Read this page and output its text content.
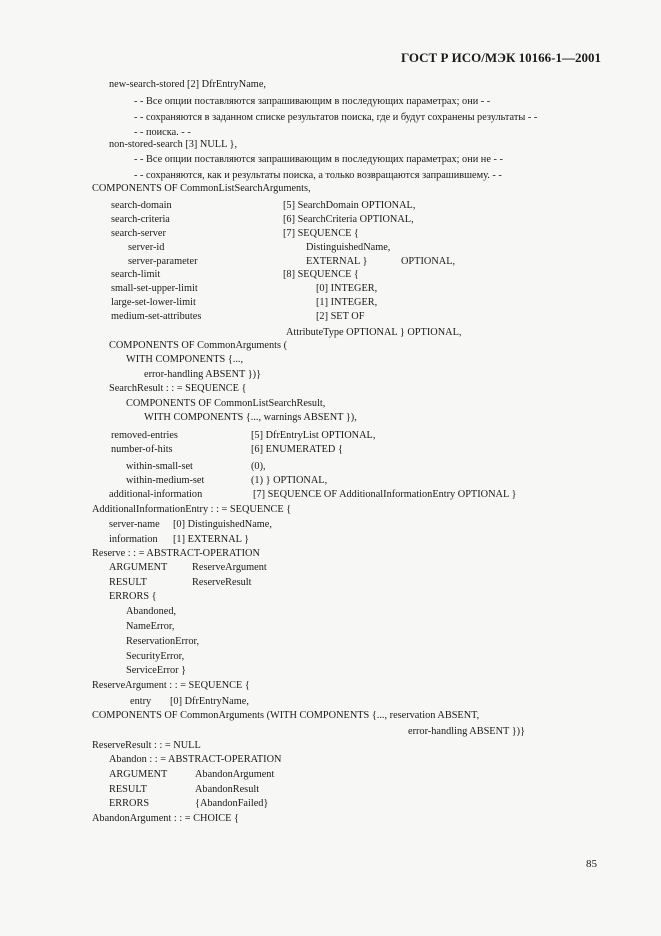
ГОСТ Р ИСО/МЭК 10166-1—2001
new-search-stored [2] DfrEntryName,
- - Все опции поставляются запрашивающим в последующих параметрах; они - -
- - сохраняются в заданном списке результатов поиска, где и будут сохранены результаты - -
- - поиска. - -
non-stored-search [3] NULL },
- - Все опции поставляются запрашивающим в последующих параметрах; они не - -
- - сохраняются, как и результаты поиска, а только возвращаются запрашившему. - -
COMPONENTS OF CommonListSearchArguments,
search-domain	[5] SearchDomain OPTIONAL,
search-criteria	[6] SearchCriteria OPTIONAL,
search-server	[7] SEQUENCE {
server-id	DistinguishedName,
server-parameter	EXTERNAL }	OPTIONAL,
search-limit	[8] SEQUENCE {
small-set-upper-limit	[0] INTEGER,
large-set-lower-limit	[1] INTEGER,
medium-set-attributes	[2] SET OF
AttributeType OPTIONAL } OPTIONAL,
COMPONENTS OF CommonArguments (
WITH COMPONENTS {...,
error-handling ABSENT })}
SearchResult : : = SEQUENCE {
COMPONENTS OF CommonListSearchResult,
WITH COMPONENTS {..., warnings ABSENT }),
removed-entries	[5] DfrEntryList OPTIONAL,
number-of-hits	[6] ENUMERATED {
within-small-set	(0),
within-medium-set	(1) } OPTIONAL,
additional-information	[7] SEQUENCE OF AdditionalInformationEntry OPTIONAL }
AdditionalInformationEntry : : = SEQUENCE {
server-name [0] DistinguishedName,
information [1] EXTERNAL }
Reserve : : = ABSTRACT-OPERATION
ARGUMENT ReserveArgument
RESULT	ReserveResult
ERRORS {
Abandoned,
NameError,
ReservationError,
SecurityError,
ServiceError }
ReserveArgument : : = SEQUENCE {
entry [0] DfrEntryName,
COMPONENTS OF CommonArguments (WITH COMPONENTS {..., reservation ABSENT,
error-handling ABSENT })}
ReserveResult : : = NULL
Abandon : : = ABSTRACT-OPERATION
ARGUMENT	AbandonArgument
RESULT	AbandonResult
ERRORS	{AbandonFailed}
AbandonArgument : : = CHOICE {
85
